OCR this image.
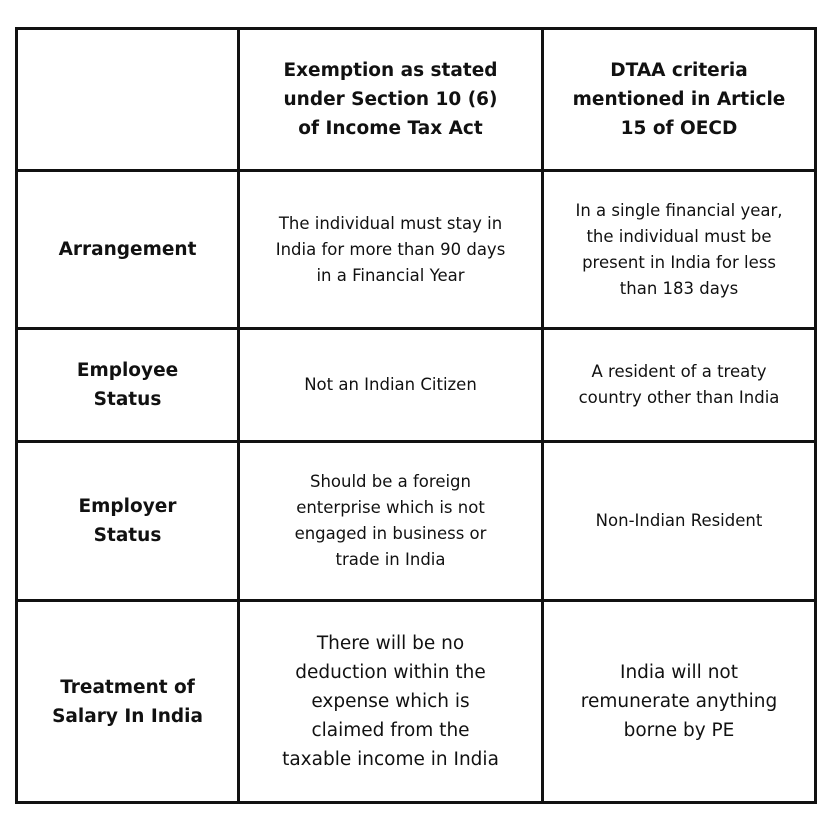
	Exemption as stated under Section 10 (6) of Income Tax Act	DTAA criteria mentioned in Article 15 of OECD
Arrangement	The individual must stay in India for more than 90 days in a Financial Year	In a single financial year, the individual must be present in India for less than 183 days
Employee Status	Not an Indian Citizen	A resident of a treaty country other than India
Employer Status	Should be a foreign enterprise which is not engaged in business or trade in India	Non-Indian Resident
Treatment of Salary In India	There will be no deduction within the expense which is claimed from the taxable income in India	India will not remunerate anything borne by PE
